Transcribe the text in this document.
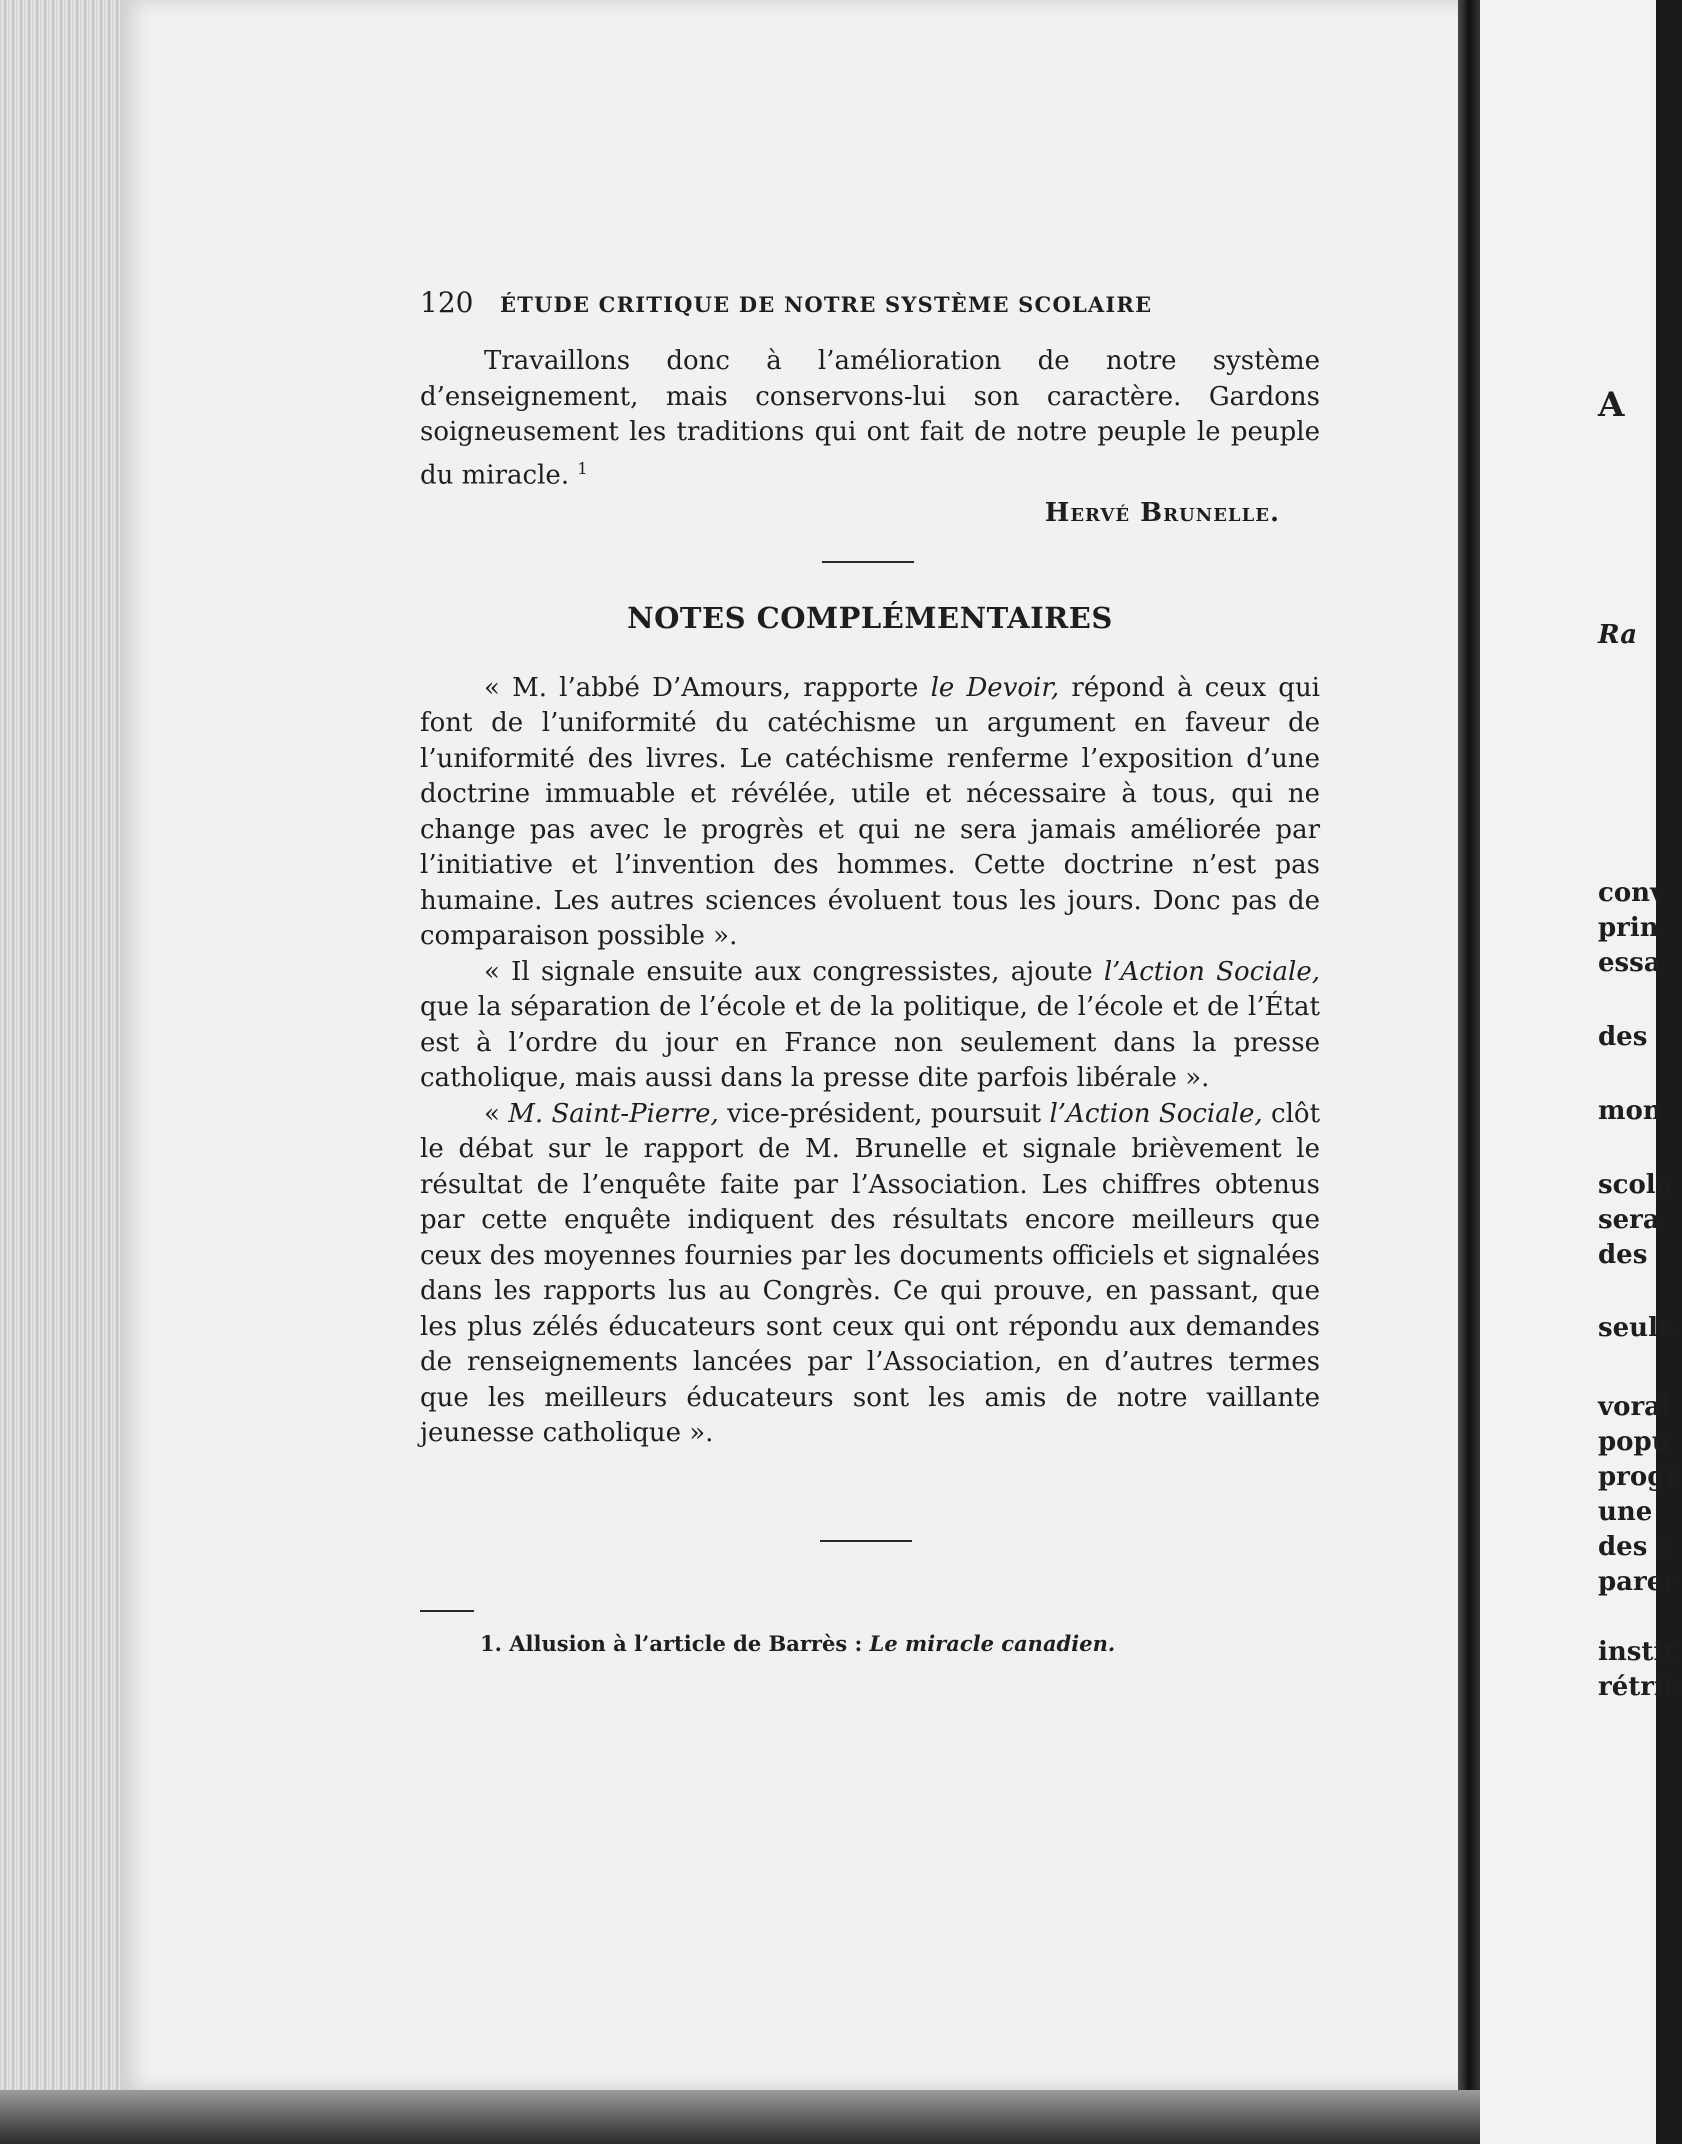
120	ÉTUDE CRITIQUE DE NOTRE SYSTÈME SCOLAIRE

Travaillons donc à l’amélioration de notre système d’enseignement, mais conservons-lui son caractère. Gardons soigneusement les traditions qui ont fait de notre peuple le peuple du miracle. $^1$

Hervé Brunelle.

NOTES COMPLÉMENTAIRES

« M. l’abbé D’Amours, rapporte le Devoir, répond à ceux qui font de l’uniformité du catéchisme un argument en faveur de l’uniformité des livres. Le catéchisme renferme l’exposition d’une doctrine immuable et révélée, utile et nécessaire à tous, qui ne change pas avec le progrès et qui ne sera jamais améliorée par l’initiative et l’invention des hommes. Cette doctrine n’est pas humaine. Les autres sciences évoluent tous les jours. Donc pas de comparaison possible ».

« Il signale ensuite aux congressistes, ajoute l’Action Sociale, que la séparation de l’école et de la politique, de l’école et de l’État est à l’ordre du jour en France non seulement dans la presse catholique, mais aussi dans la presse dite parfois libérale ».

« M. Saint-Pierre, vice-président, poursuit l’Action Sociale, clôt le débat sur le rapport de M. Brunelle et signale brièvement le résultat de l’enquête faite par l’Association. Les chiffres obtenus par cette enquête indiquent des résultats encore meilleurs que ceux des moyennes fournies par les documents officiels et signalées dans les rapports lus au Congrès. Ce qui prouve, en passant, que les plus zélés éducateurs sont ceux qui ont répondu aux demandes de renseignements lancées par l’Association, en d’autres termes que les meilleurs éducateurs sont les amis de notre vaillante jeunesse catholique ».

1. Allusion à l’article de Barrès : Le miracle canadien.

A
Ra
conv
prin
essa
des
mon
scola
sera
des
seule
voral
popu
progr
une
des s
parer
instit
rétrib
